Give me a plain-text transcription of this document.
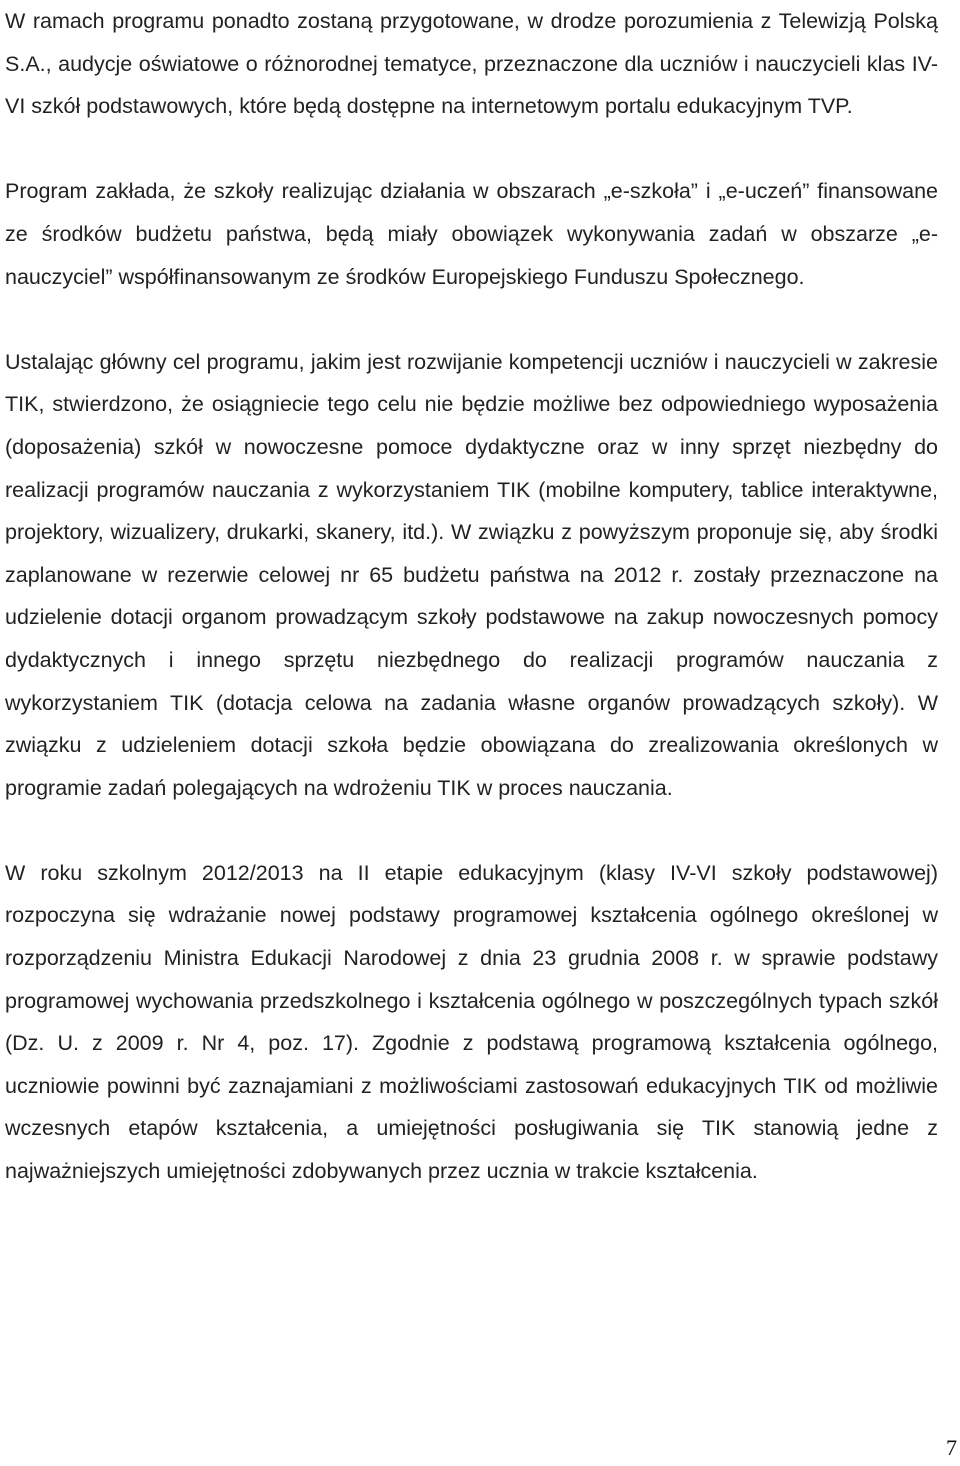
W ramach programu ponadto zostaną przygotowane, w drodze porozumienia z Telewizją Polską S.A., audycje oświatowe o różnorodnej tematyce, przeznaczone dla uczniów i nauczycieli klas IV-VI szkół podstawowych, które będą dostępne na internetowym portalu edukacyjnym TVP.

Program zakłada, że szkoły realizując działania w obszarach „e-szkoła” i „e-uczeń” finansowane ze środków budżetu państwa, będą miały obowiązek wykonywania zadań w obszarze „e-nauczyciel” współfinansowanym ze środków Europejskiego Funduszu Społecznego.

Ustalając główny cel programu, jakim jest rozwijanie kompetencji uczniów i nauczycieli w zakresie TIK, stwierdzono, że osiągniecie tego celu nie będzie możliwe bez odpowiedniego wyposażenia (doposażenia) szkół w nowoczesne pomoce dydaktyczne oraz w inny sprzęt niezbędny do realizacji programów nauczania z wykorzystaniem TIK (mobilne komputery, tablice interaktywne, projektory, wizualizery, drukarki, skanery, itd.). W związku z powyższym proponuje się, aby środki zaplanowane w rezerwie celowej nr 65 budżetu państwa na 2012 r. zostały przeznaczone na udzielenie dotacji organom prowadzącym szkoły podstawowe na zakup nowoczesnych pomocy dydaktycznych i innego sprzętu niezbędnego do realizacji programów nauczania z wykorzystaniem TIK (dotacja celowa na zadania własne organów prowadzących szkoły). W związku z udzieleniem dotacji szkoła będzie obowiązana do zrealizowania określonych w programie zadań polegających na wdrożeniu TIK w proces nauczania.

W roku szkolnym 2012/2013 na II etapie edukacyjnym (klasy IV-VI szkoły podstawowej) rozpoczyna się wdrażanie nowej podstawy programowej kształcenia ogólnego określonej w rozporządzeniu Ministra Edukacji Narodowej z dnia 23 grudnia 2008 r. w sprawie podstawy programowej wychowania przedszkolnego i kształcenia ogólnego w poszczególnych typach szkół (Dz. U. z 2009 r. Nr 4, poz. 17). Zgodnie z podstawą programową kształcenia ogólnego, uczniowie powinni być zaznajamiani z możliwościami zastosowań edukacyjnych TIK od możliwie wczesnych etapów kształcenia, a umiejętności posługiwania się TIK stanowią jedne z najważniejszych umiejętności zdobywanych przez ucznia w trakcie kształcenia.

7
